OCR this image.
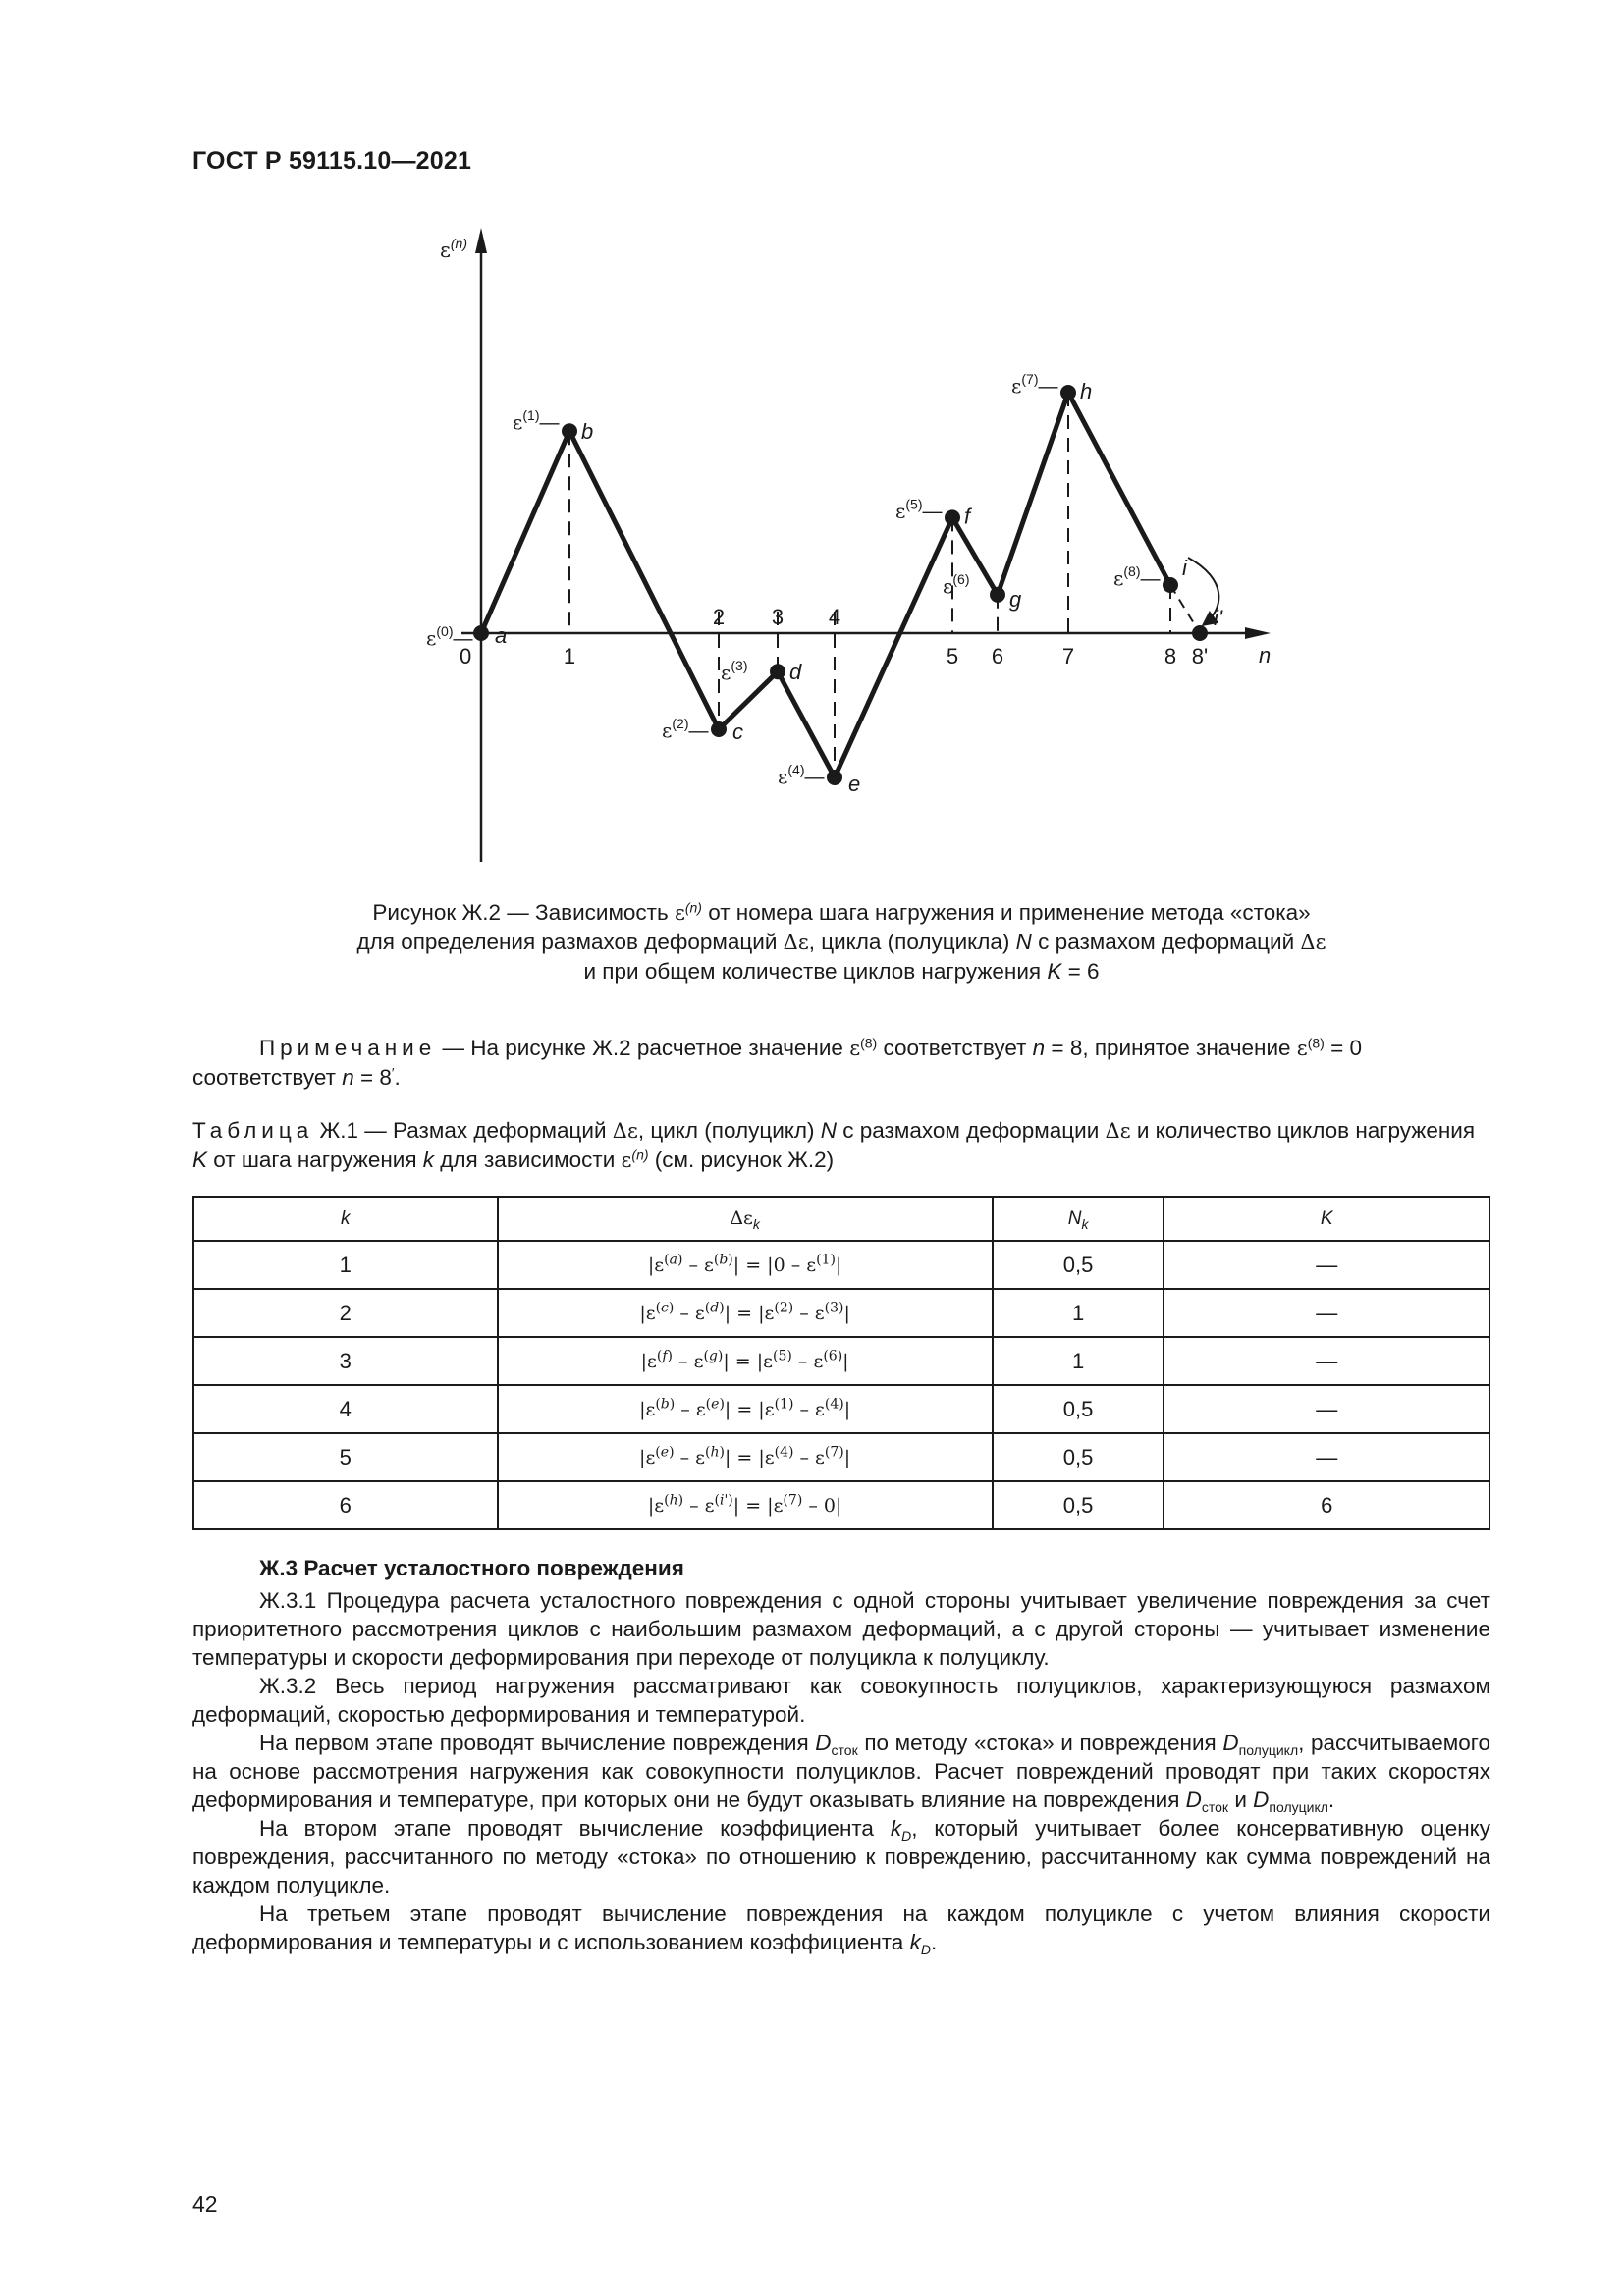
ГОСТ Р 59115.10—2021
$\varepsilon^{(n)}$
n
0	1
2 3 4
5 6	7	8 8'
$\varepsilon^{(0)}—$ a
$\varepsilon^{(1)}—$ b
$\varepsilon^{(2)}—$ c
$\varepsilon^{(3)}$ d
$\varepsilon^{(4)}—$ e
$\varepsilon^{(5)}—$ f
$\varepsilon^{(6)}$
g
$\varepsilon^{(7)}—$ h
$\varepsilon^{(8)}—$ i
i'
Рисунок Ж.2 — Зависимость $\varepsilon^{(n)}$ от номера шага нагружения и применение метода «стока»
для определения размахов деформаций Δε, цикла (полуцикла) N с размахом деформаций Δε
и при общем количестве циклов нагружения K = 6
Примечание — На рисунке Ж.2 расчетное значение $\varepsilon^{(8)}$ соответствует n = 8, принятое значение $\varepsilon^{(8)} = 0$ соответствует n = 8′.
Таблица Ж.1 — Размах деформаций Δε, цикл (полуцикл) N с размахом деформации Δε и количество циклов нагружения K от шага нагружения k для зависимости $\varepsilon^{(n)}$ (см. рисунок Ж.2)
k	$\Delta\varepsilon_k$	$N_k$	K
1	$|\varepsilon^{(a)} - \varepsilon^{(b)}| = |0 - \varepsilon^{(1)}|$	0,5	—
2	$|\varepsilon^{(c)} - \varepsilon^{(d)}| = |\varepsilon^{(2)} - \varepsilon^{(3)}|$	1	—
3	$|\varepsilon^{(f)} - \varepsilon^{(g)}| = |\varepsilon^{(5)} - \varepsilon^{(6)}|$	1	—
4	$|\varepsilon^{(b)} - \varepsilon^{(e)}| = |\varepsilon^{(1)} - \varepsilon^{(4)}|$	0,5	—
5	$|\varepsilon^{(e)} - \varepsilon^{(h)}| = |\varepsilon^{(4)} - \varepsilon^{(7)}|$	0,5	—
6	$|\varepsilon^{(h)} - \varepsilon^{(i')}| = |\varepsilon^{(7)} - 0|$	0,5	6
Ж.3 Расчет усталостного повреждения
Ж.3.1 Процедура расчета усталостного повреждения с одной стороны учитывает увеличение повреждения за счет приоритетного рассмотрения циклов с наибольшим размахом деформаций, а с другой стороны — учитывает изменение температуры и скорости деформирования при переходе от полуцикла к полуциклу.
Ж.3.2 Весь период нагружения рассматривают как совокупность полуциклов, характеризующуюся размахом деформаций, скоростью деформирования и температурой.
На первом этапе проводят вычисление повреждения $D_{сток}$ по методу «стока» и повреждения $D_{полуцикл}$, рассчитываемого на основе рассмотрения нагружения как совокупности полуциклов. Расчет повреждений проводят при таких скоростях деформирования и температуре, при которых они не будут оказывать влияние на повреждения $D_{сток}$ и $D_{полуцикл}$.
На втором этапе проводят вычисление коэффициента $k_D$, который учитывает более консервативную оценку повреждения, рассчитанного по методу «стока» по отношению к повреждению, рассчитанному как сумма повреждений на каждом полуцикле.
На третьем этапе проводят вычисление повреждения на каждом полуцикле с учетом влияния скорости деформирования и температуры и с использованием коэффициента $k_D$.
42
